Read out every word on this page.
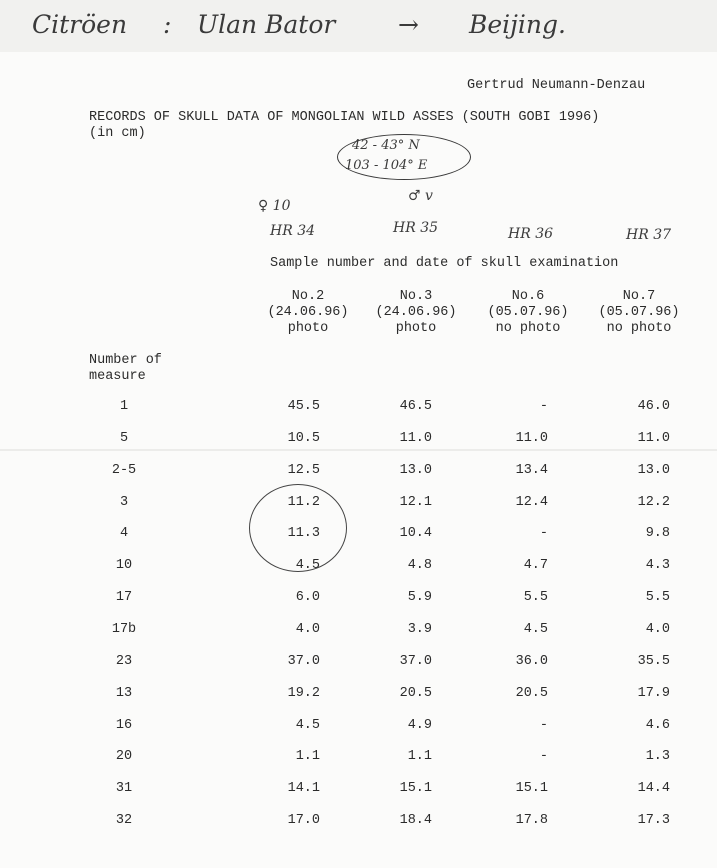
Citröen : Ulan Bator	→ Beijing.
Gertrud Neumann-Denzau
RECORDS OF SKULL DATA OF MONGOLIAN WILD ASSES (SOUTH GOBI 1996)
(in cm)
42 - 43° N
103 - 104° E
♀ 10
♂ v
HR 34	HR 35	HR 36	HR 37
Sample number and date of skull examination
No.2
(24.06.96)
photo
No.3
(24.06.96)
photo
No.6
(05.07.96)
no photo
No.7
(05.07.96)
no photo
Number of
measure
1	45.5	46.5	-	46.0
5	10.5	11.0	11.0	11.0
2-5	12.5	13.0	13.4	13.0
3	11.2	12.1	12.4	12.2
4	11.3	10.4	-	9.8
10	4.5	4.8	4.7	4.3
17	6.0	5.9	5.5	5.5
17b	4.0	3.9	4.5	4.0
23	37.0	37.0	36.0	35.5
13	19.2	20.5	20.5	17.9
16	4.5	4.9	-	4.6
20	1.1	1.1	-	1.3
31	14.1	15.1	15.1	14.4
32	17.0	18.4	17.8	17.3
